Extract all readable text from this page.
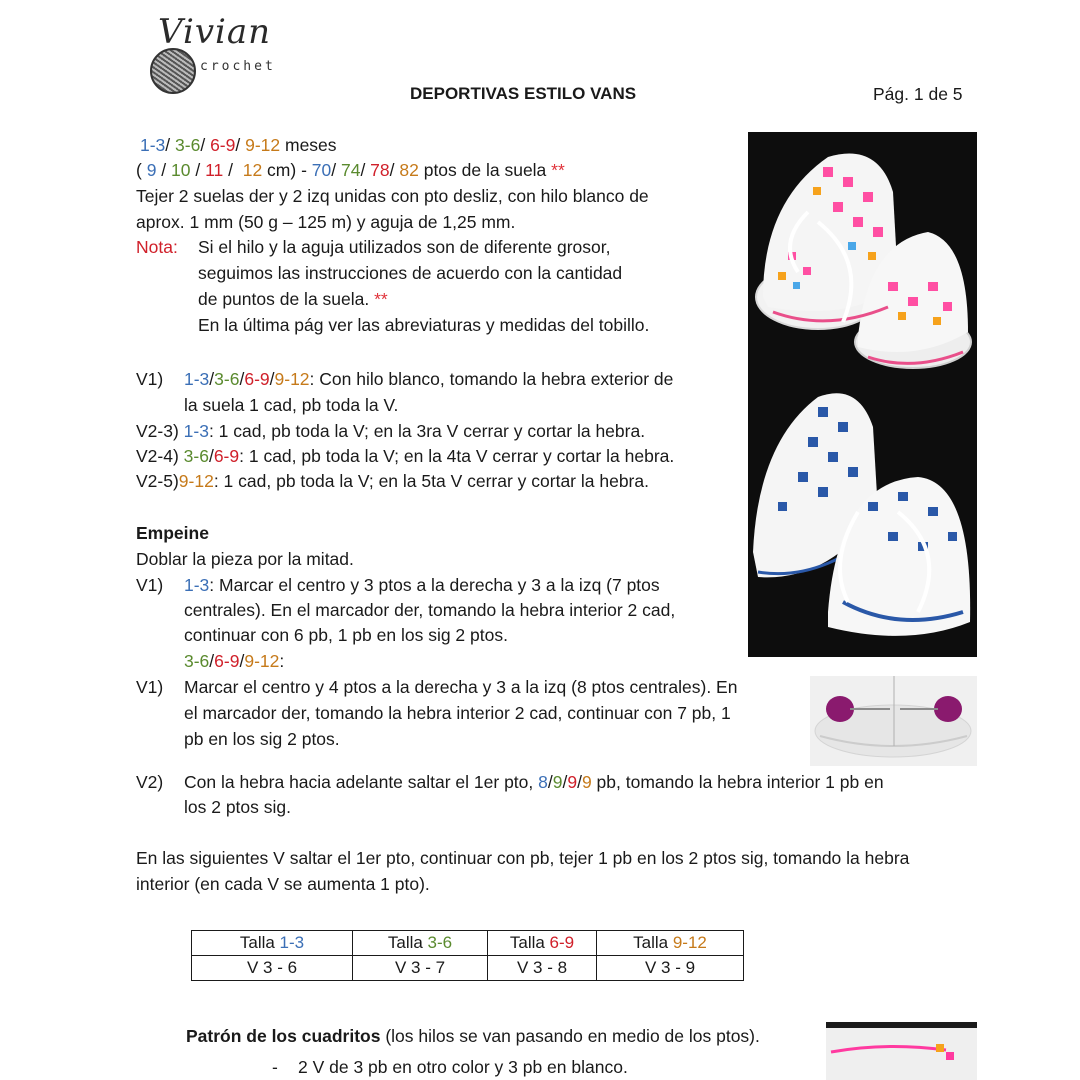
Vivian
crochet
DEPORTIVAS ESTILO VANS	Pág. 1 de 5
1-3/ 3-6/ 6-9/ 9-12 meses
( 9 / 10 / 11 /  12 cm) - 70/ 74/ 78/ 82 ptos de la suela **
Tejer 2 suelas der y 2 izq unidas con pto desliz, con hilo blanco de
aprox. 1 mm (50 g – 125 m) y aguja de 1,25 mm.
Nota: Si el hilo y la aguja utilizados son de diferente grosor,
seguimos las instrucciones de acuerdo con la cantidad
de puntos de la suela. **
En la última pág ver las abreviaturas y medidas del tobillo.
V1) 1-3/3-6/6-9/9-12: Con hilo blanco, tomando la hebra exterior de
la suela 1 cad, pb toda la V.
V2-3) 1-3: 1 cad, pb toda la V; en la 3ra V cerrar y cortar la hebra.
V2-4) 3-6/6-9: 1 cad, pb toda la V; en la 4ta V cerrar y cortar la hebra.
V2-5)9-12: 1 cad, pb toda la V; en la 5ta V cerrar y cortar la hebra.
Empeine
Doblar la pieza por la mitad.
V1) 1-3: Marcar el centro y 3 ptos a la derecha y 3 a la izq (7 ptos
centrales). En el marcador der, tomando la hebra interior 2 cad,
continuar con 6 pb, 1 pb en los sig 2 ptos.
3-6/6-9/9-12:
V1) Marcar el centro y 4 ptos a la derecha y 3 a la izq (8 ptos centrales). En
el marcador der, tomando la hebra interior 2 cad, continuar con 7 pb, 1
pb en los sig 2 ptos.
V2) Con la hebra hacia adelante saltar el 1er pto, 8/9/9/9 pb, tomando la hebra interior 1 pb en
los 2 ptos sig.
En las siguientes V saltar el 1er pto, continuar con pb, tejer 1 pb en los 2 ptos sig, tomando la hebra
interior (en cada V se aumenta 1 pto).
Talla 1-3	Talla 3-6	Talla 6-9	Talla 9-12
V 3 - 6	V 3 - 7	V 3 - 8	V 3 - 9
Patrón de los cuadritos (los hilos se van pasando en medio de los ptos).
- 2 V de 3 pb en otro color y 3 pb en blanco.
